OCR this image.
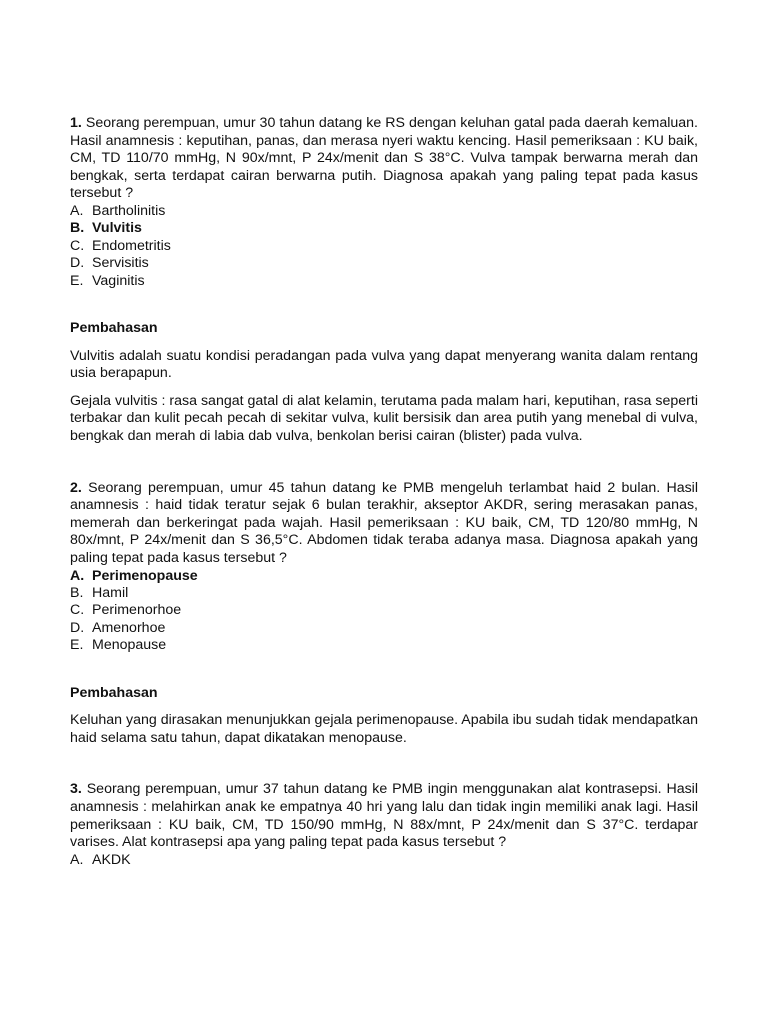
1. Seorang perempuan, umur 30 tahun datang ke RS dengan keluhan gatal pada daerah kemaluan. Hasil anamnesis : keputihan, panas, dan merasa nyeri waktu kencing. Hasil pemeriksaan : KU baik, CM, TD 110/70 mmHg, N 90x/mnt, P 24x/menit dan S 38°C. Vulva tampak berwarna merah dan bengkak, serta terdapat cairan berwarna putih. Diagnosa apakah yang paling tepat pada kasus tersebut ?

A. Bartholinitis
B. Vulvitis
C. Endometritis
D. Servisitis
E. Vaginitis

Pembahasan

Vulvitis adalah suatu kondisi peradangan pada vulva yang dapat menyerang wanita dalam rentang usia berapapun.

Gejala vulvitis : rasa sangat gatal di alat kelamin, terutama pada malam hari, keputihan, rasa seperti terbakar dan kulit pecah pecah di sekitar vulva, kulit bersisik dan area putih yang menebal di vulva, bengkak dan merah di labia dab vulva, benkolan berisi cairan (blister) pada vulva.

2. Seorang perempuan, umur 45 tahun datang ke PMB mengeluh terlambat haid 2 bulan. Hasil anamnesis : haid tidak teratur sejak 6 bulan terakhir, akseptor AKDR, sering merasakan panas, memerah dan berkeringat pada wajah. Hasil pemeriksaan : KU baik, CM, TD 120/80 mmHg, N 80x/mnt, P 24x/menit dan S 36,5°C. Abdomen tidak teraba adanya masa. Diagnosa apakah yang paling tepat pada kasus tersebut ?

A. Perimenopause
B. Hamil
C. Perimenorhoe
D. Amenorhoe
E. Menopause

Pembahasan

Keluhan yang dirasakan menunjukkan gejala perimenopause. Apabila ibu sudah tidak mendapatkan haid selama satu tahun, dapat dikatakan menopause.

3. Seorang perempuan, umur 37 tahun datang ke PMB ingin menggunakan alat kontrasepsi. Hasil anamnesis : melahirkan anak ke empatnya 40 hri yang lalu dan tidak ingin memiliki anak lagi. Hasil pemeriksaan : KU baik, CM, TD 150/90 mmHg, N 88x/mnt, P 24x/menit dan S 37°C. terdapar varises. Alat kontrasepsi apa yang paling tepat pada kasus tersebut ?

A. AKDK
